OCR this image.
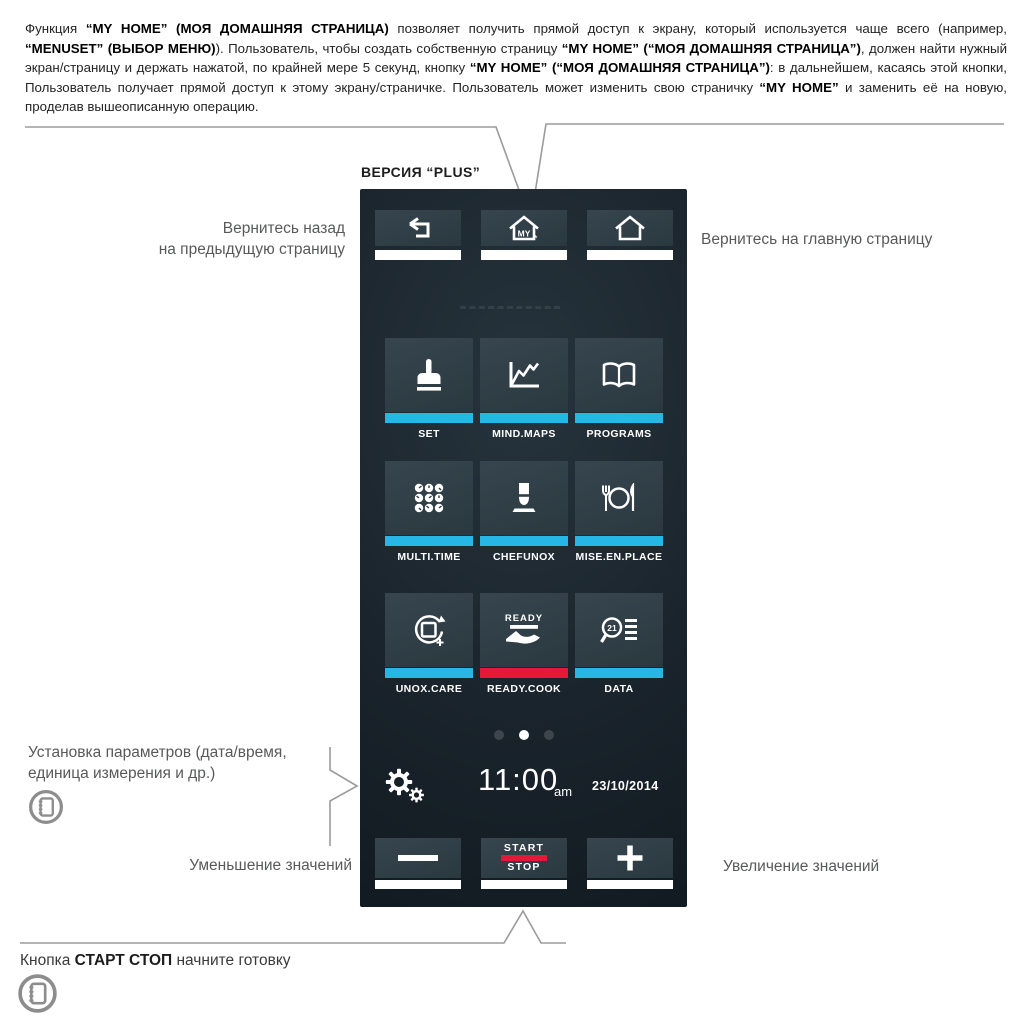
Функция “MY HOME” (МОЯ ДОМАШНЯЯ СТРАНИЦА) позволяет получить прямой доступ к экрану, который используется чаще всего (например, “MENUSET” (ВЫБОР МЕНЮ)). Пользователь, чтобы создать собственную страницу “MY HOME” (“МОЯ ДОМАШНЯЯ СТРАНИЦА”), должен найти нужный экран/страницу и держать нажатой, по крайней мере 5 секунд, кнопку “MY HOME” (“МОЯ ДОМАШНЯЯ СТРАНИЦА”): в дальнейшем, касаясь этой кнопки, Пользователь получает прямой доступ к этому экрану/страничке. Пользователь может изменить свою страничку “MY HOME” и заменить её на новую, проделав вышеописанную операцию.

ВЕРСИЯ “PLUS”
MY *
SET	MIND.MAPS	PROGRAMS
MULTI.TIME	CHEFUNOX	MISE.EN.PLACE
UNOX.CARE
READY
READY.COOK
21
DATA
11:00
am 23/10/2014
START
STOP
Вернитесь назад
на предыдущую страницу
Вернитесь на главную страницу
Установка параметров (дата/время,
единица измерения и др.)
Уменьшение значений	Увеличение значений
Кнопка СТАРТ СТОП начните готовку
